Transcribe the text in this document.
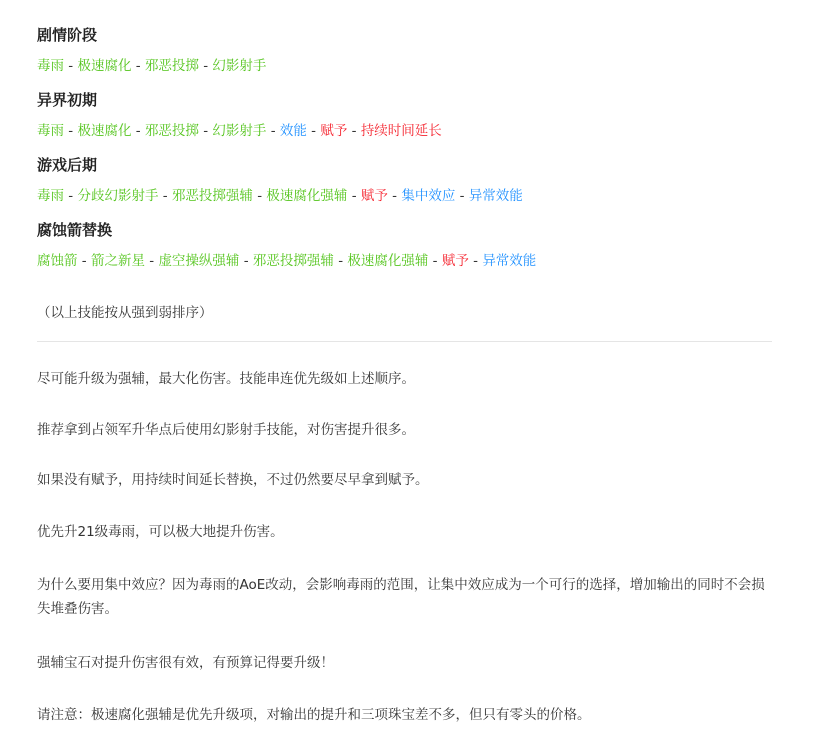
剧情阶段
毒雨 - 极速腐化 - 邪恶投掷 - 幻影射手
异界初期
毒雨 - 极速腐化 - 邪恶投掷 - 幻影射手 - 效能 - 赋予 - 持续时间延长
游戏后期
毒雨 - 分歧幻影射手 - 邪恶投掷强辅 - 极速腐化强辅 - 赋予 - 集中效应 - 异常效能
腐蚀箭替换
腐蚀箭 - 箭之新星 - 虚空操纵强辅 - 邪恶投掷强辅 - 极速腐化强辅 - 赋予 - 异常效能
（以上技能按从强到弱排序）

尽可能升级为强辅，最大化伤害。技能串连优先级如上述顺序。

推荐拿到占领军升华点后使用幻影射手技能，对伤害提升很多。

如果没有赋予，用持续时间延长替换，不过仍然要尽早拿到赋予。

优先升21级毒雨，可以极大地提升伤害。

为什么要用集中效应？因为毒雨的AoE改动，会影响毒雨的范围，让集中效应成为一个可行的选择，增加输出的同时不会损失堆叠伤害。

强辅宝石对提升伤害很有效，有预算记得要升级！

请注意：极速腐化强辅是优先升级项，对输出的提升和三项珠宝差不多，但只有零头的价格。
